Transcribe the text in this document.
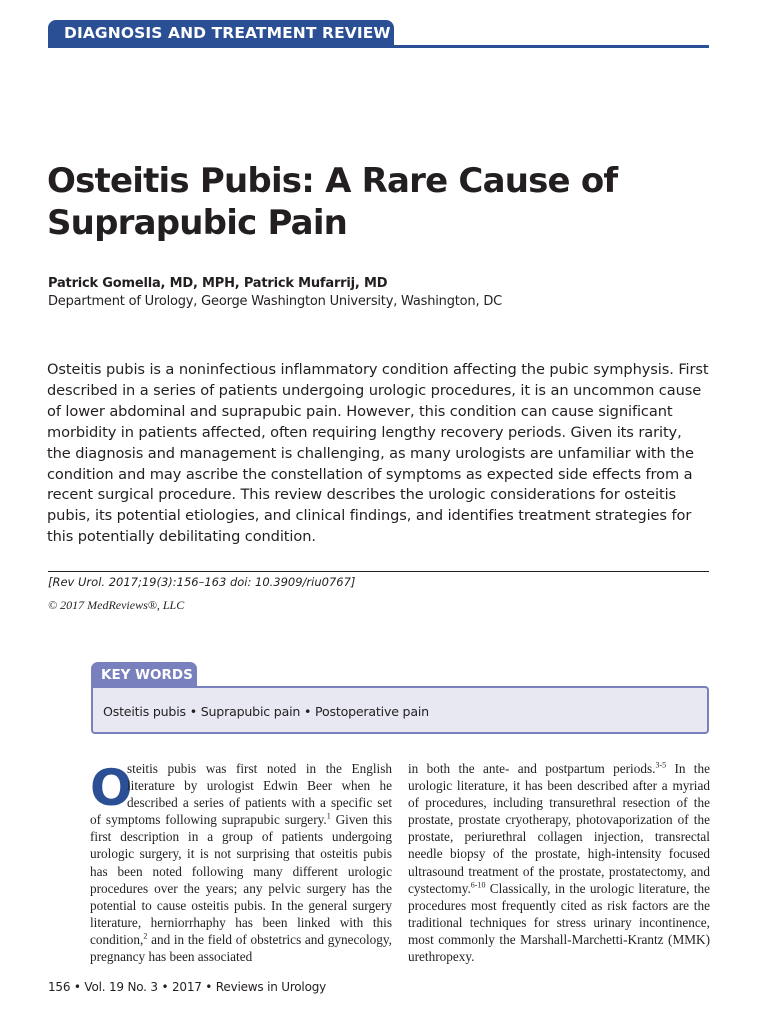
DIAGNOSIS AND TREATMENT REVIEW
Osteitis Pubis: A Rare Cause of Suprapubic Pain
Patrick Gomella, MD, MPH, Patrick Mufarrij, MD
Department of Urology, George Washington University, Washington, DC

Osteitis pubis is a noninfectious inflammatory condition affecting the pubic symphysis. First described in a series of patients undergoing urologic procedures, it is an uncommon cause of lower abdominal and suprapubic pain. However, this condition can cause significant morbidity in patients affected, often requiring lengthy recovery periods. Given its rarity, the diagnosis and management is challenging, as many urologists are unfamiliar with the condition and may ascribe the constellation of symptoms as expected side effects from a recent surgical procedure. This review describes the urologic considerations for osteitis pubis, its potential etiologies, and clinical findings, and identifies treatment strategies for this potentially debilitating condition.

[Rev Urol. 2017;19(3):156–163 doi: 10.3909/riu0767]
© 2017 MedReviews®, LLC
KEY WORDS
Osteitis pubis • Suprapubic pain • Postoperative pain
O
steitis pubis was first noted in the English literature by urologist Edwin Beer when he described a series of patients with a specific set of symptoms following suprapubic surgery.$^1$ Given this first description in a group of patients undergoing urologic surgery, it is not surprising that osteitis pubis has been noted following many different urologic procedures over the years; any pelvic surgery has the potential to cause osteitis pubis. In the general surgery literature, herniorrhaphy has been linked with this condition,$^2$ and in the field of obstetrics and gynecology, pregnancy has been associated
in both the ante- and postpartum periods.$^{3-5}$ In the urologic literature, it has been described after a myriad of procedures, including transurethral resection of the prostate, prostate cryotherapy, photovaporization of the prostate, periurethral collagen injection, transrectal needle biopsy of the prostate, high-intensity focused ultrasound treatment of the prostate, prostatectomy, and cystectomy.$^{6-10}$ Classically, in the urologic literature, the procedures most frequently cited as risk factors are the traditional techniques for stress urinary incontinence, most commonly the Marshall-Marchetti-Krantz (MMK) urethropexy.
156 • Vol. 19 No. 3 • 2017 • Reviews in Urology
